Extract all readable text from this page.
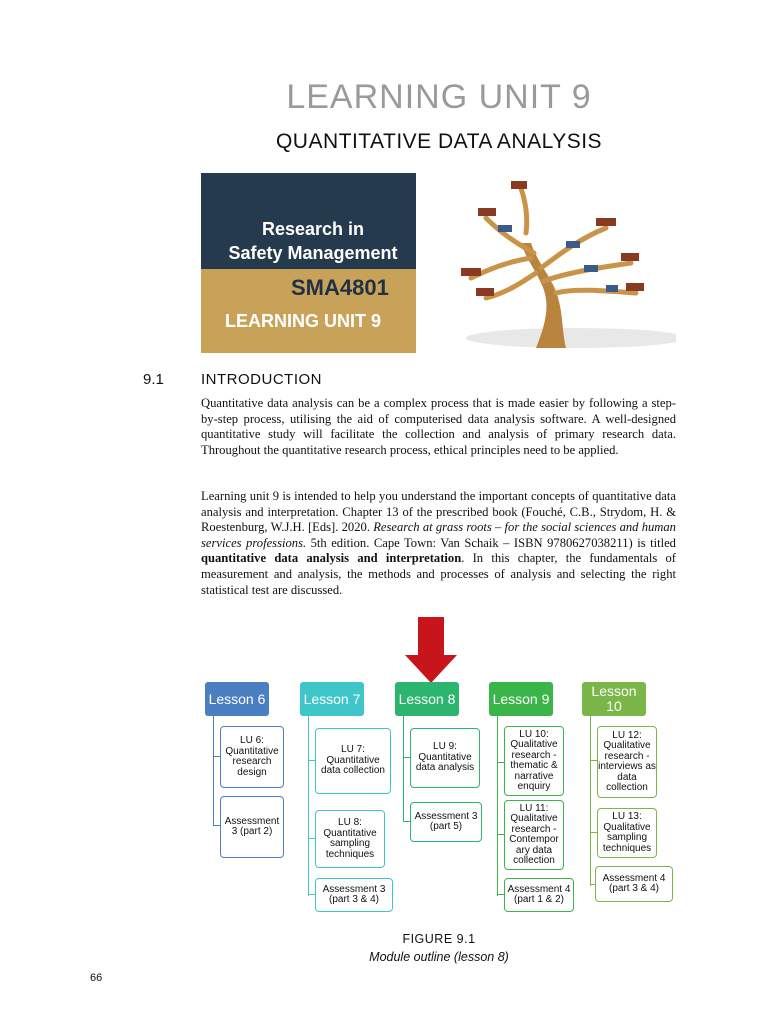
LEARNING UNIT 9
QUANTITATIVE DATA ANALYSIS
Research in
Safety Management
SMA4801
LEARNING UNIT 9
9.1 INTRODUCTION
Quantitative data analysis can be a complex process that is made easier by following a step-by-step process, utilising the aid of computerised data analysis software. A well-designed quantitative study will facilitate the collection and analysis of primary research data. Throughout the quantitative research process, ethical principles need to be applied.
Learning unit 9 is intended to help you understand the important concepts of quantitative data analysis and interpretation. Chapter 13 of the prescribed book (Fouché, C.B., Strydom, H. & Roestenburg, W.J.H. [Eds]. 2020. Research at grass roots – for the social sciences and human services professions. 5th edition. Cape Town: Van Schaik – ISBN 9780627038211) is titled quantitative data analysis and interpretation. In this chapter, the fundamentals of measurement and analysis, the methods and processes of analysis and selecting the right statistical test are discussed.
Lesson 6	Lesson 7	Lesson 8	Lesson 9	Lesson 10
LU 6: Quantitative research design
Assessment 3 (part 2)
LU 7: Quantitative data collection
LU 8: Quantitative sampling techniques
Assessment 3 (part 3 & 4)
LU 9: Quantitative data analysis
Assessment 3 (part 5)
LU 10: Qualitative research - thematic & narrative enquiry
LU 11: Qualitative research - Contempor ary data collection
Assessment 4 (part 1 & 2)
LU 12: Qualitative research - interviews as data collection
LU 13: Qualitative sampling techniques
Assessment 4 (part 3 & 4)
FIGURE 9.1
Module outline (lesson 8)
66
